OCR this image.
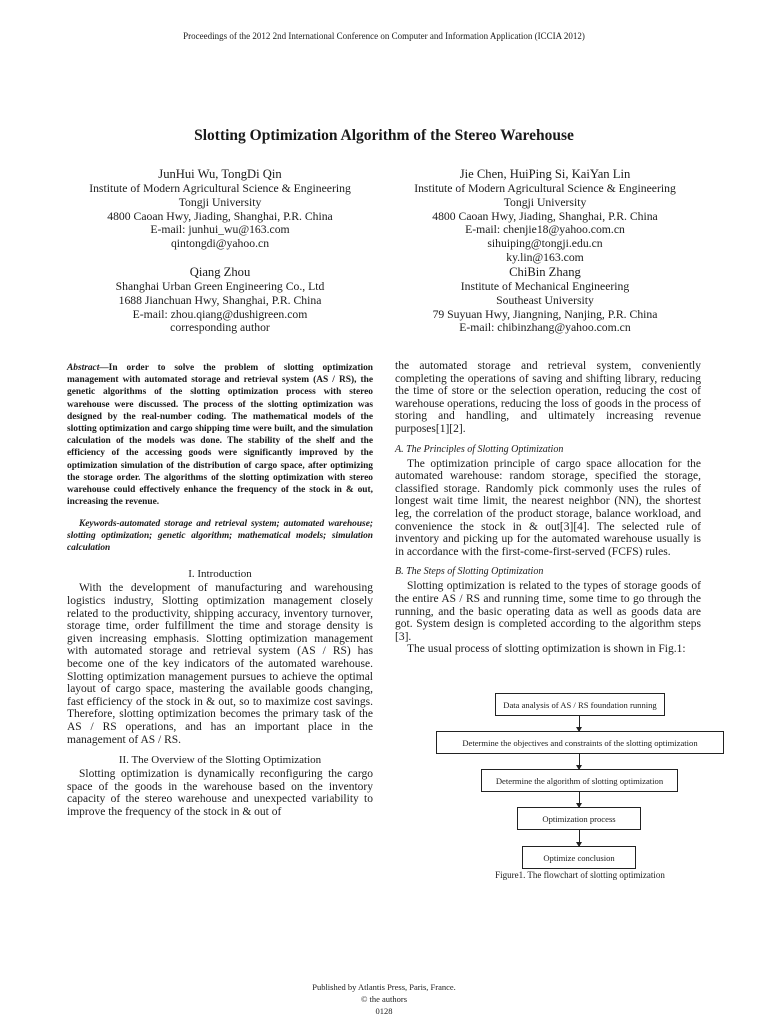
Proceedings of the 2012 2nd International Conference on Computer and Information Application (ICCIA 2012)
Slotting Optimization Algorithm of the Stereo Warehouse
JunHui Wu, TongDi Qin
Institute of Modern Agricultural Science & Engineering
Tongji University
4800 Caoan Hwy, Jiading, Shanghai, P.R. China
E-mail: junhui_wu@163.com
qintongdi@yahoo.cn
Jie Chen, HuiPing Si, KaiYan Lin
Institute of Modern Agricultural Science & Engineering
Tongji University
4800 Caoan Hwy, Jiading, Shanghai, P.R. China
E-mail: chenjie18@yahoo.com.cn
sihuiping@tongji.edu.cn
ky.lin@163.com
Qiang Zhou
Shanghai Urban Green Engineering Co., Ltd
1688 Jianchuan Hwy, Shanghai, P.R. China
E-mail: zhou.qiang@dushigreen.com
corresponding author
ChiBin Zhang
Institute of Mechanical Engineering
Southeast University
79 Suyuan Hwy, Jiangning, Nanjing, P.R. China
E-mail: chibinzhang@yahoo.com.cn
Abstract—In order to solve the problem of slotting optimization management with automated storage and retrieval system (AS / RS), the genetic algorithms of the slotting optimization process with stereo warehouse were discussed. The process of the slotting optimization was designed by the real-number coding. The mathematical models of the slotting optimization and cargo shipping time were built, and the simulation calculation of the models was done. The stability of the shelf and the efficiency of the accessing goods were significantly improved by the optimization simulation of the distribution of cargo space, after optimizing the storage order. The algorithms of the slotting optimization with stereo warehouse could effectively enhance the frequency of the stock in & out, increasing the revenue.
Keywords-automated storage and retrieval system; automated warehouse; slotting optimization; genetic algorithm; mathematical models; simulation calculation
I. Introduction

With the development of manufacturing and warehousing logistics industry, Slotting optimization management closely related to the productivity, shipping accuracy, inventory turnover, storage time, order fulfillment the time and storage density is given increasing emphasis. Slotting optimization management with automated storage and retrieval system (AS / RS) has become one of the key indicators of the automated warehouse. Slotting optimization management pursues to achieve the optimal layout of cargo space, mastering the available goods changing, fast efficiency of the stock in & out, so to maximize cost savings. Therefore, slotting optimization becomes the primary task of the AS / RS operations, and has an important place in the management of AS / RS.

II. The Overview of the Slotting Optimization

Slotting optimization is dynamically reconfiguring the cargo space of the goods in the warehouse based on the inventory capacity of the stereo warehouse and unexpected variability to improve the frequency of the stock in & out of

the automated storage and retrieval system, conveniently completing the operations of saving and shifting library, reducing the time of store or the selection operation, reducing the cost of warehouse operations, reducing the loss of goods in the process of storing and handling, and ultimately increasing revenue purposes[1][2].

A. The Principles of Slotting Optimization

The optimization principle of cargo space allocation for the automated warehouse: random storage, specified the storage, classified storage. Randomly pick commonly uses the rules of longest wait time limit, the nearest neighbor (NN), the shortest leg, the correlation of the product storage, balance workload, and convenience the stock in & out[3][4]. The selected rule of inventory and picking up for the automated warehouse usually is in accordance with the first-come-first-served (FCFS) rules.

B. The Steps of Slotting Optimization

Slotting optimization is related to the types of storage goods of the entire AS / RS and running time, some time to go through the running, and the basic operating data as well as goods data are got. System design is completed according to the algorithm steps [3].

The usual process of slotting optimization is shown in Fig.1:

Data analysis of AS / RS foundation running
Determine the objectives and constraints of the slotting optimization
Determine the algorithm of slotting optimization
Optimization process
Optimize conclusion
Figure1. The flowchart of slotting optimization
Published by Atlantis Press, Paris, France.
© the authors
0128
